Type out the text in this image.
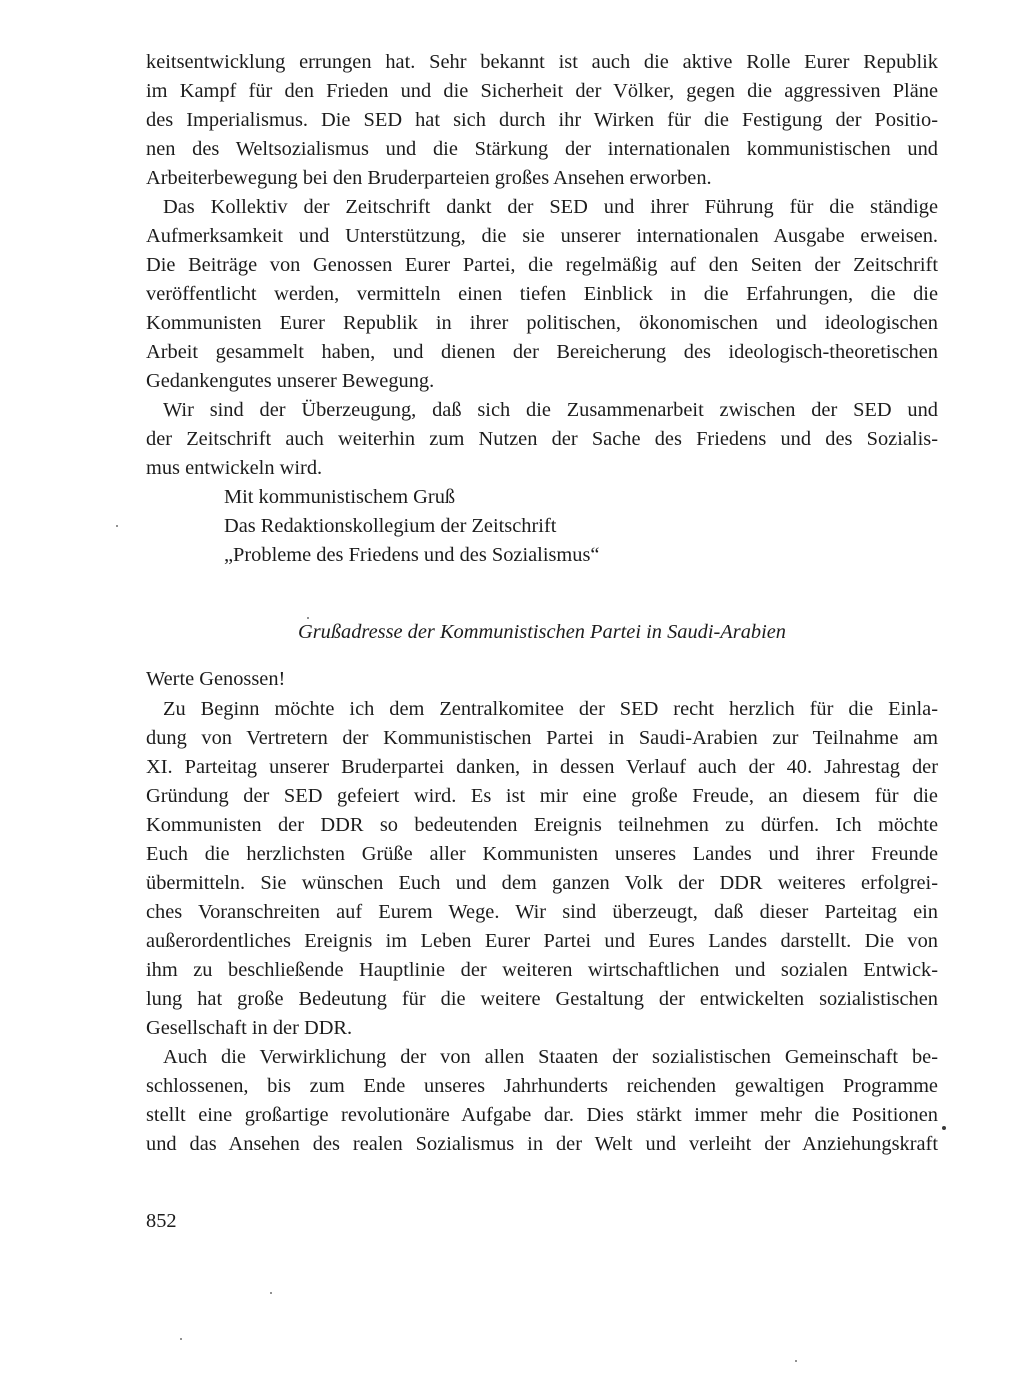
keitsentwicklung errungen hat. Sehr bekannt ist auch die aktive Rolle Eurer Republik
im Kampf für den Frieden und die Sicherheit der Völker, gegen die aggressiven Pläne
des Imperialismus. Die SED hat sich durch ihr Wirken für die Festigung der Positio-
nen des Weltsozialismus und die Stärkung der internationalen kommunistischen und
Arbeiterbewegung bei den Bruderparteien großes Ansehen erworben.
Das Kollektiv der Zeitschrift dankt der SED und ihrer Führung für die ständige
Aufmerksamkeit und Unterstützung, die sie unserer internationalen Ausgabe erweisen.
Die Beiträge von Genossen Eurer Partei, die regelmäßig auf den Seiten der Zeitschrift
veröffentlicht werden, vermitteln einen tiefen Einblick in die Erfahrungen, die die
Kommunisten Eurer Republik in ihrer politischen, ökonomischen und ideologischen
Arbeit gesammelt haben, und dienen der Bereicherung des ideologisch-theoretischen
Gedankengutes unserer Bewegung.
Wir sind der Überzeugung, daß sich die Zusammenarbeit zwischen der SED und
der Zeitschrift auch weiterhin zum Nutzen der Sache des Friedens und des Sozialis-
mus entwickeln wird.
Mit kommunistischem Gruß
Das Redaktionskollegium der Zeitschrift
„Probleme des Friedens und des Sozialismus“
Grußadresse der Kommunistischen Partei in Saudi-Arabien
Werte Genossen!
Zu Beginn möchte ich dem Zentralkomitee der SED recht herzlich für die Einla-
dung von Vertretern der Kommunistischen Partei in Saudi-Arabien zur Teilnahme am
XI. Parteitag unserer Bruderpartei danken, in dessen Verlauf auch der 40. Jahrestag der
Gründung der SED gefeiert wird. Es ist mir eine große Freude, an diesem für die
Kommunisten der DDR so bedeutenden Ereignis teilnehmen zu dürfen. Ich möchte
Euch die herzlichsten Grüße aller Kommunisten unseres Landes und ihrer Freunde
übermitteln. Sie wünschen Euch und dem ganzen Volk der DDR weiteres erfolgrei-
ches Voranschreiten auf Eurem Wege. Wir sind überzeugt, daß dieser Parteitag ein
außerordentliches Ereignis im Leben Eurer Partei und Eures Landes darstellt. Die von
ihm zu beschließende Hauptlinie der weiteren wirtschaftlichen und sozialen Entwick-
lung hat große Bedeutung für die weitere Gestaltung der entwickelten sozialistischen
Gesellschaft in der DDR.
Auch die Verwirklichung der von allen Staaten der sozialistischen Gemeinschaft be-
schlossenen, bis zum Ende unseres Jahrhunderts reichenden gewaltigen Programme
stellt eine großartige revolutionäre Aufgabe dar. Dies stärkt immer mehr die Positionen
und das Ansehen des realen Sozialismus in der Welt und verleiht der Anziehungskraft
852
